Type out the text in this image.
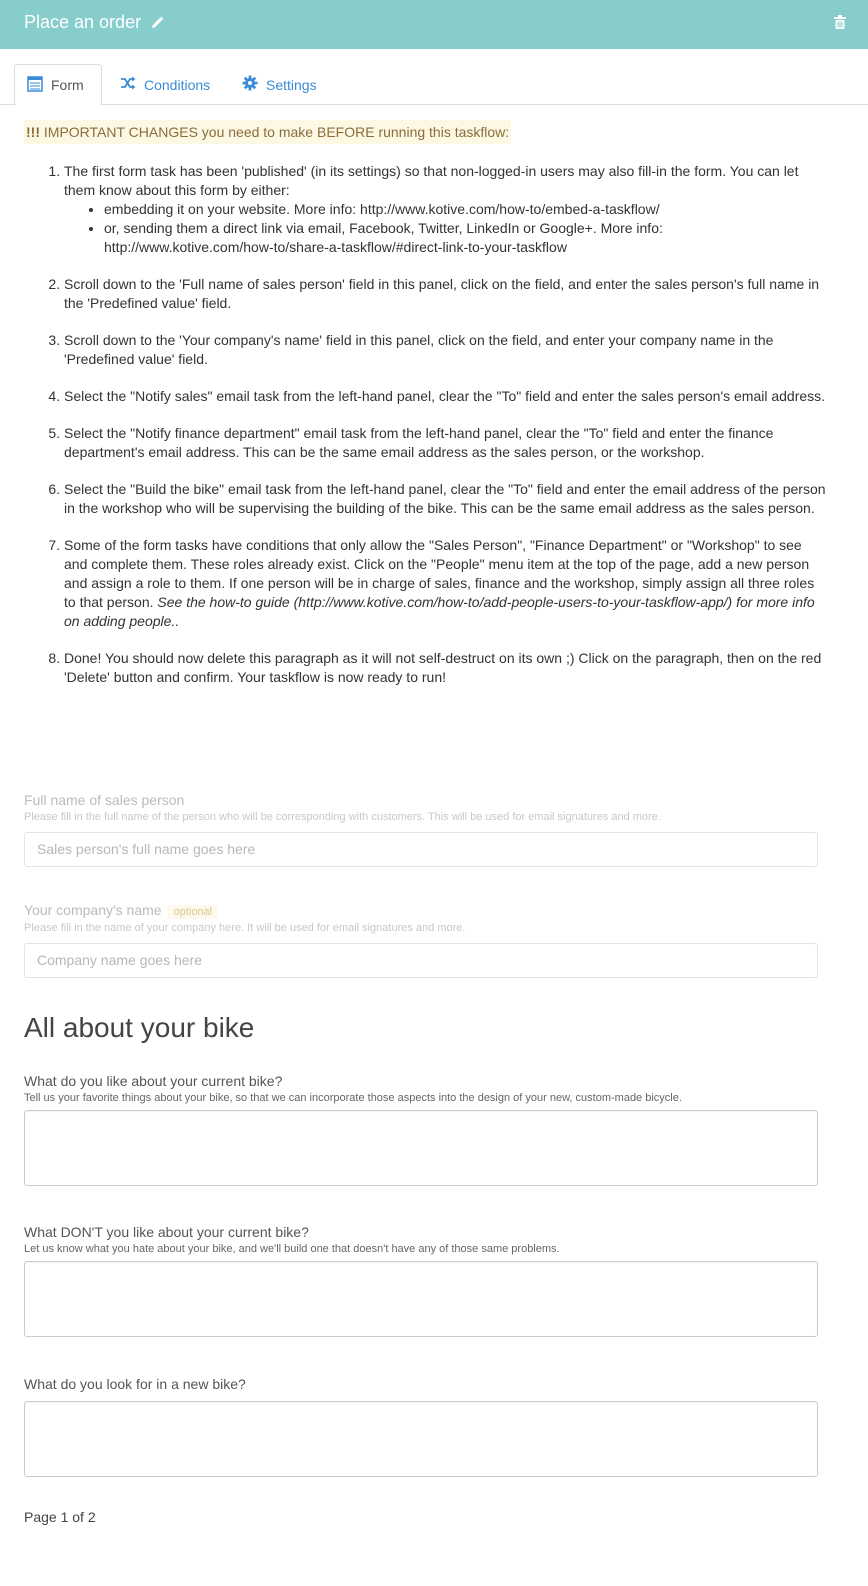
Place an order
Form	Conditions	Settings
!!! IMPORTANT CHANGES you need to make BEFORE running this taskflow:
1. The first form task has been 'published' (in its settings) so that non-logged-in users may also fill-in the form. You can let them know about this form by either:
• embedding it on your website. More info: http://www.kotive.com/how-to/embed-a-taskflow/
• or, sending them a direct link via email, Facebook, Twitter, LinkedIn or Google+. More info: http://www.kotive.com/how-to/share-a-taskflow/#direct-link-to-your-taskflow
2. Scroll down to the 'Full name of sales person' field in this panel, click on the field, and enter the sales person's full name in the 'Predefined value' field.
3. Scroll down to the 'Your company's name' field in this panel, click on the field, and enter your company name in the 'Predefined value' field.
4. Select the "Notify sales" email task from the left-hand panel, clear the "To" field and enter the sales person's email address.
5. Select the "Notify finance department" email task from the left-hand panel, clear the "To" field and enter the finance department's email address. This can be the same email address as the sales person, or the workshop.
6. Select the "Build the bike" email task from the left-hand panel, clear the "To" field and enter the email address of the person in the workshop who will be supervising the building of the bike. This can be the same email address as the sales person.
7. Some of the form tasks have conditions that only allow the "Sales Person", "Finance Department" or "Workshop" to see and complete them. These roles already exist. Click on the "People" menu item at the top of the page, add a new person and assign a role to them. If one person will be in charge of sales, finance and the workshop, simply assign all three roles to that person. See the how-to guide (http://www.kotive.com/how-to/add-people-users-to-your-taskflow-app/) for more info on adding people..
8. Done! You should now delete this paragraph as it will not self-destruct on its own ;) Click on the paragraph, then on the red 'Delete' button and confirm. Your taskflow is now ready to run!
Full name of sales person
Please fill in the full name of the person who will be corresponding with customers. This will be used for email signatures and more.
Sales person's full name goes here
Your company's name optional
Please fill in the name of your company here. It will be used for email signatures and more.
Company name goes here
All about your bike
What do you like about your current bike?
Tell us your favorite things about your bike, so that we can incorporate those aspects into the design of your new, custom-made bicycle.
What DON'T you like about your current bike?
Let us know what you hate about your bike, and we'll build one that doesn't have any of those same problems.
What do you look for in a new bike?
Page 1 of 2
